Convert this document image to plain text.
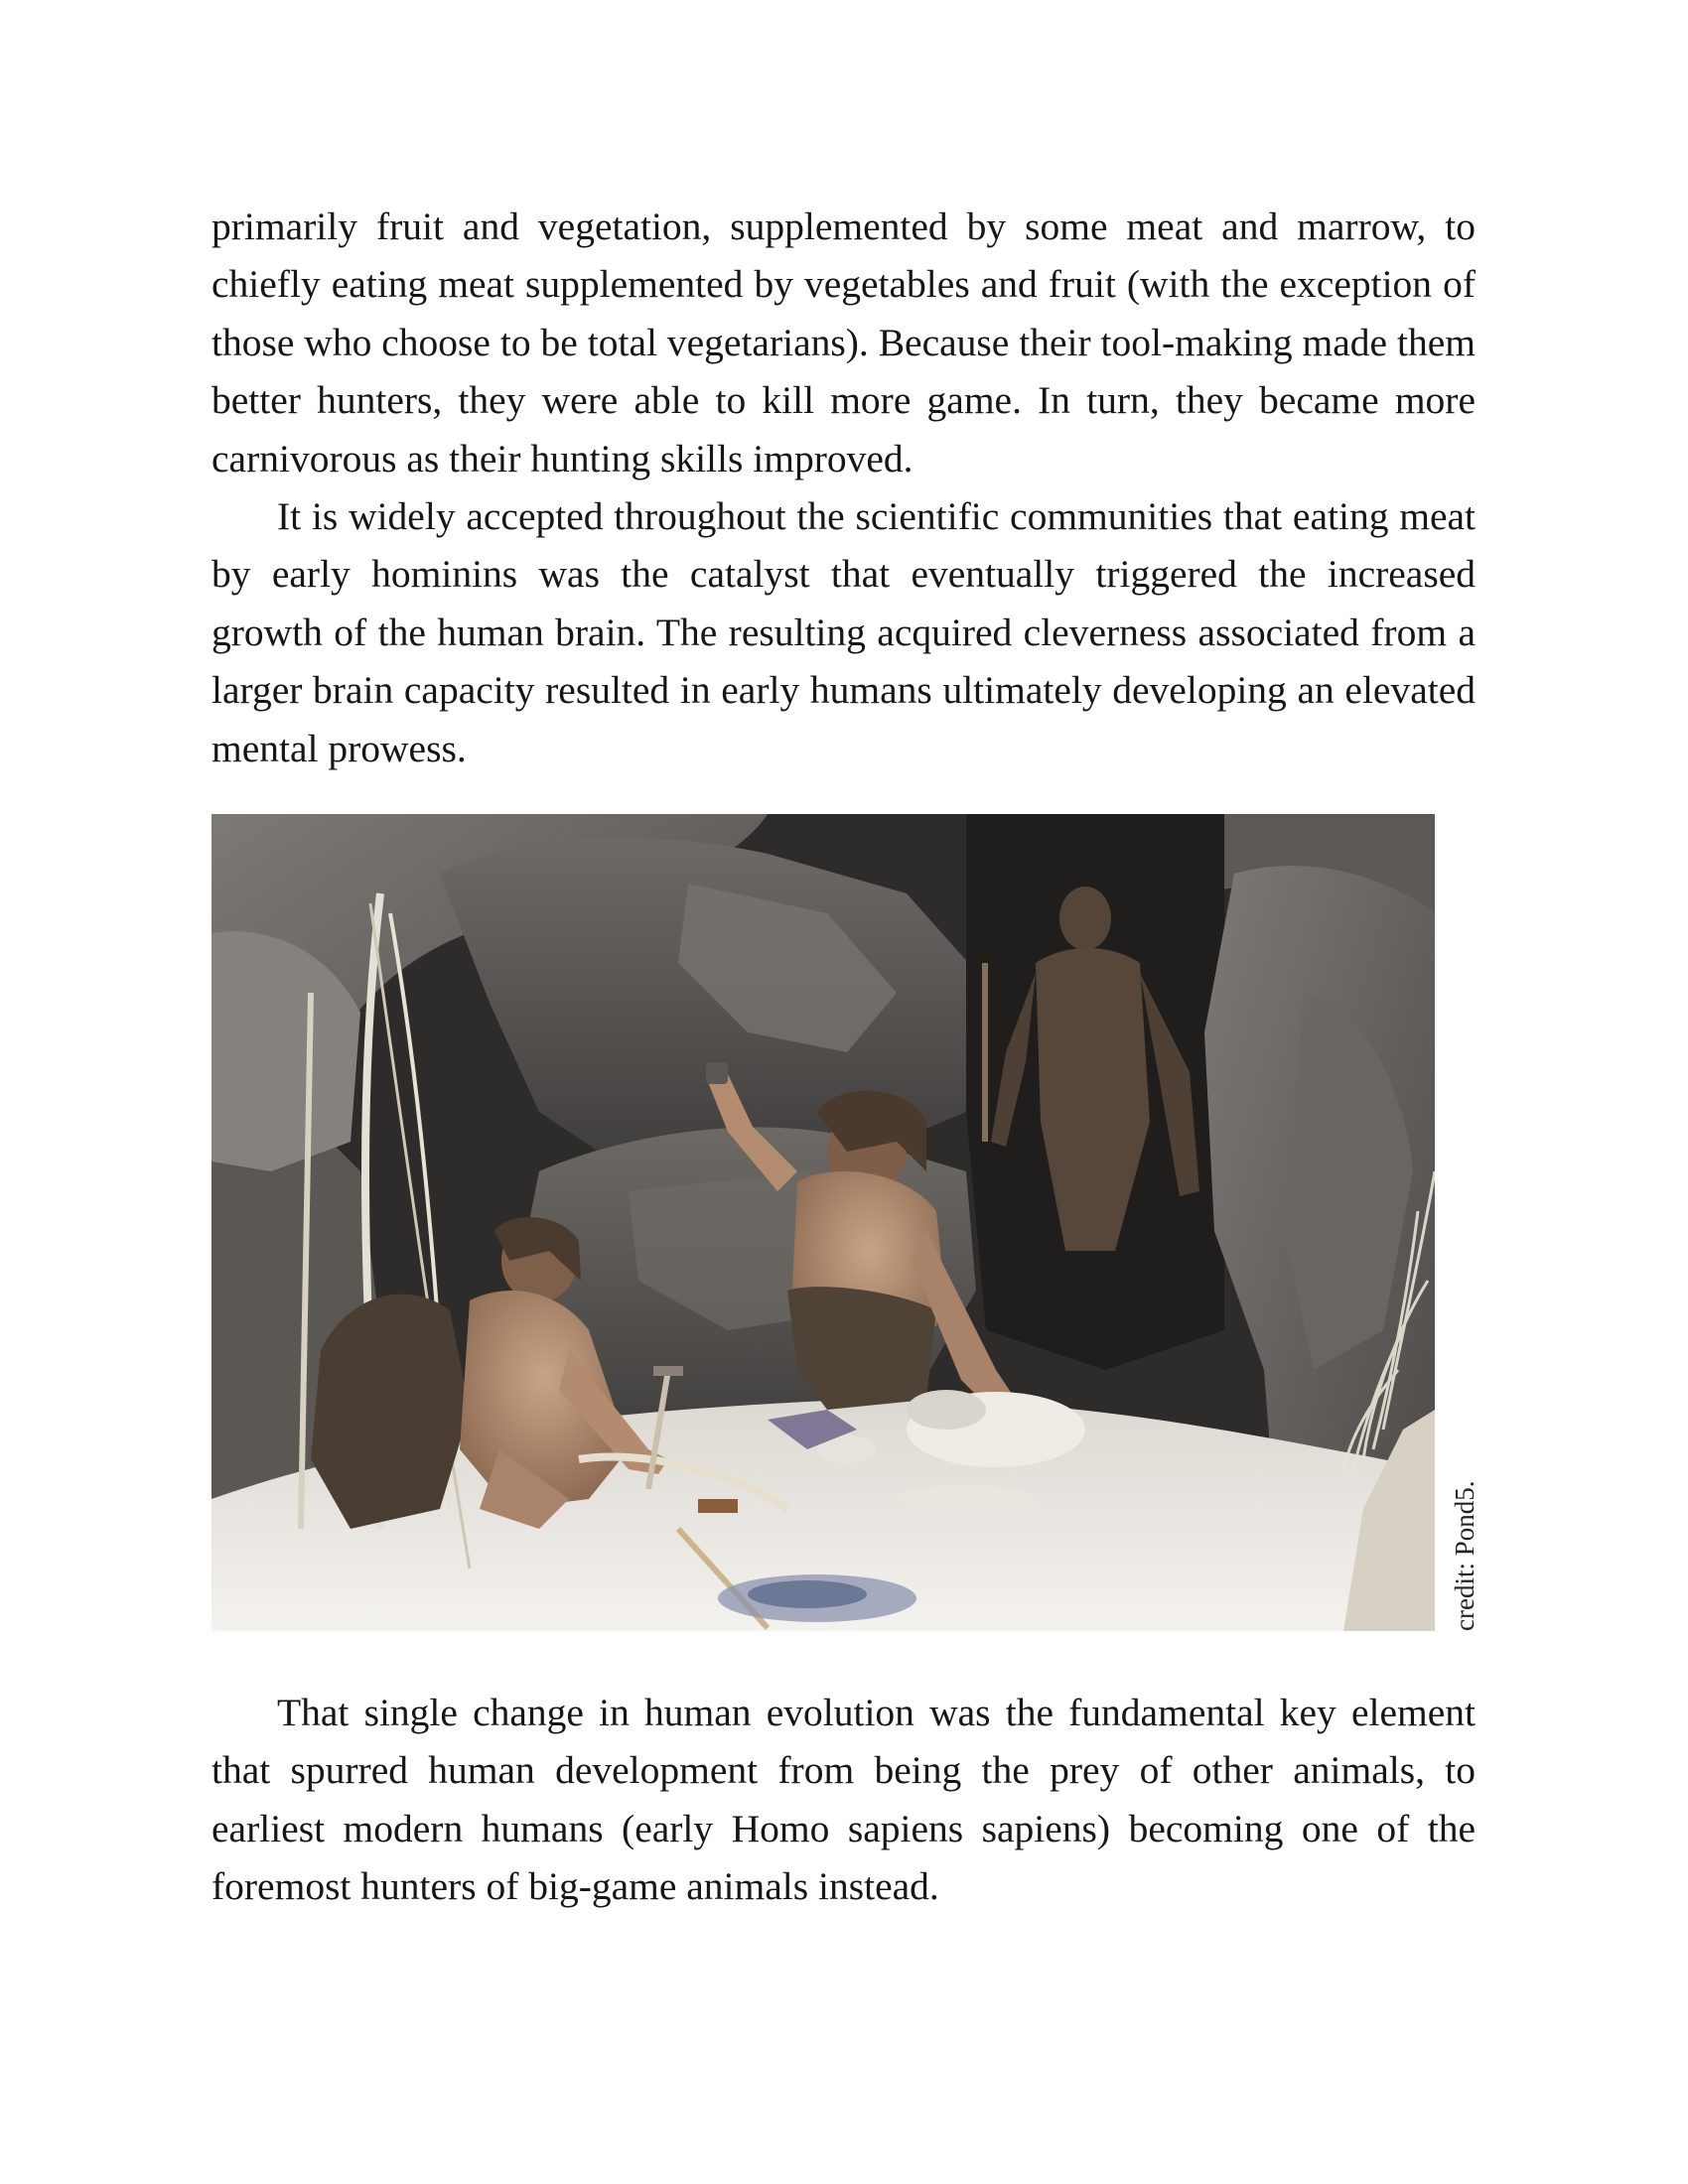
primarily fruit and vegetation, supplemented by some meat and marrow, to chiefly eating meat supplemented by vegetables and fruit (with the exception of those who choose to be total vegetarians). Because their tool-making made them better hunters, they were able to kill more game. In turn, they became more carnivorous as their hunting skills improved.

It is widely accepted throughout the scientific communities that eating meat by early hominins was the catalyst that eventually triggered the increased growth of the human brain. The resulting acquired cleverness associated from a larger brain capacity resulted in early humans ultimately developing an elevated mental prowess.

credit: Pond5.

That single change in human evolution was the fundamental key element that spurred human development from being the prey of other animals, to earliest modern humans (early Homo sapiens sapiens) becoming one of the foremost hunters of big-game animals instead.
